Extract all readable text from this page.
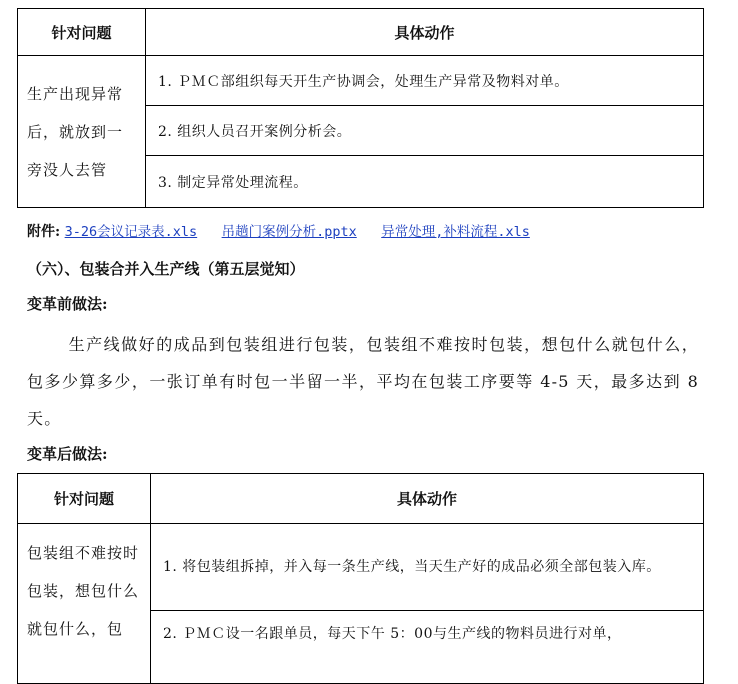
针对问题	具体动作
生产出现异常后，就放到一旁没人去管	1. ＰＭＣ部组织每天开生产协调会，处理生产异常及物料对单。
	2. 组织人员召开案例分析会。
	3. 制定异常处理流程。
附件: 3-26会议记录表.xls 吊趟门案例分析.pptx 异常处理,补料流程.xls
（六）、包装合并入生产线（第五层觉知）
变革前做法:
生产线做好的成品到包装组进行包装，包装组不难按时包装，想包什么就包什么，包多少算多少，一张订单有时包一半留一半，平均在包装工序要等 4-5 天，最多达到 8 天。
变革后做法:
针对问题	具体动作
包装组不难按时包装，想包什么就包什么，包	1. 将包装组拆掉，并入每一条生产线，当天生产好的成品必须全部包装入库。
	2. ＰＭＣ设一名跟单员，每天下午 5：00与生产线的物料员进行对单，
